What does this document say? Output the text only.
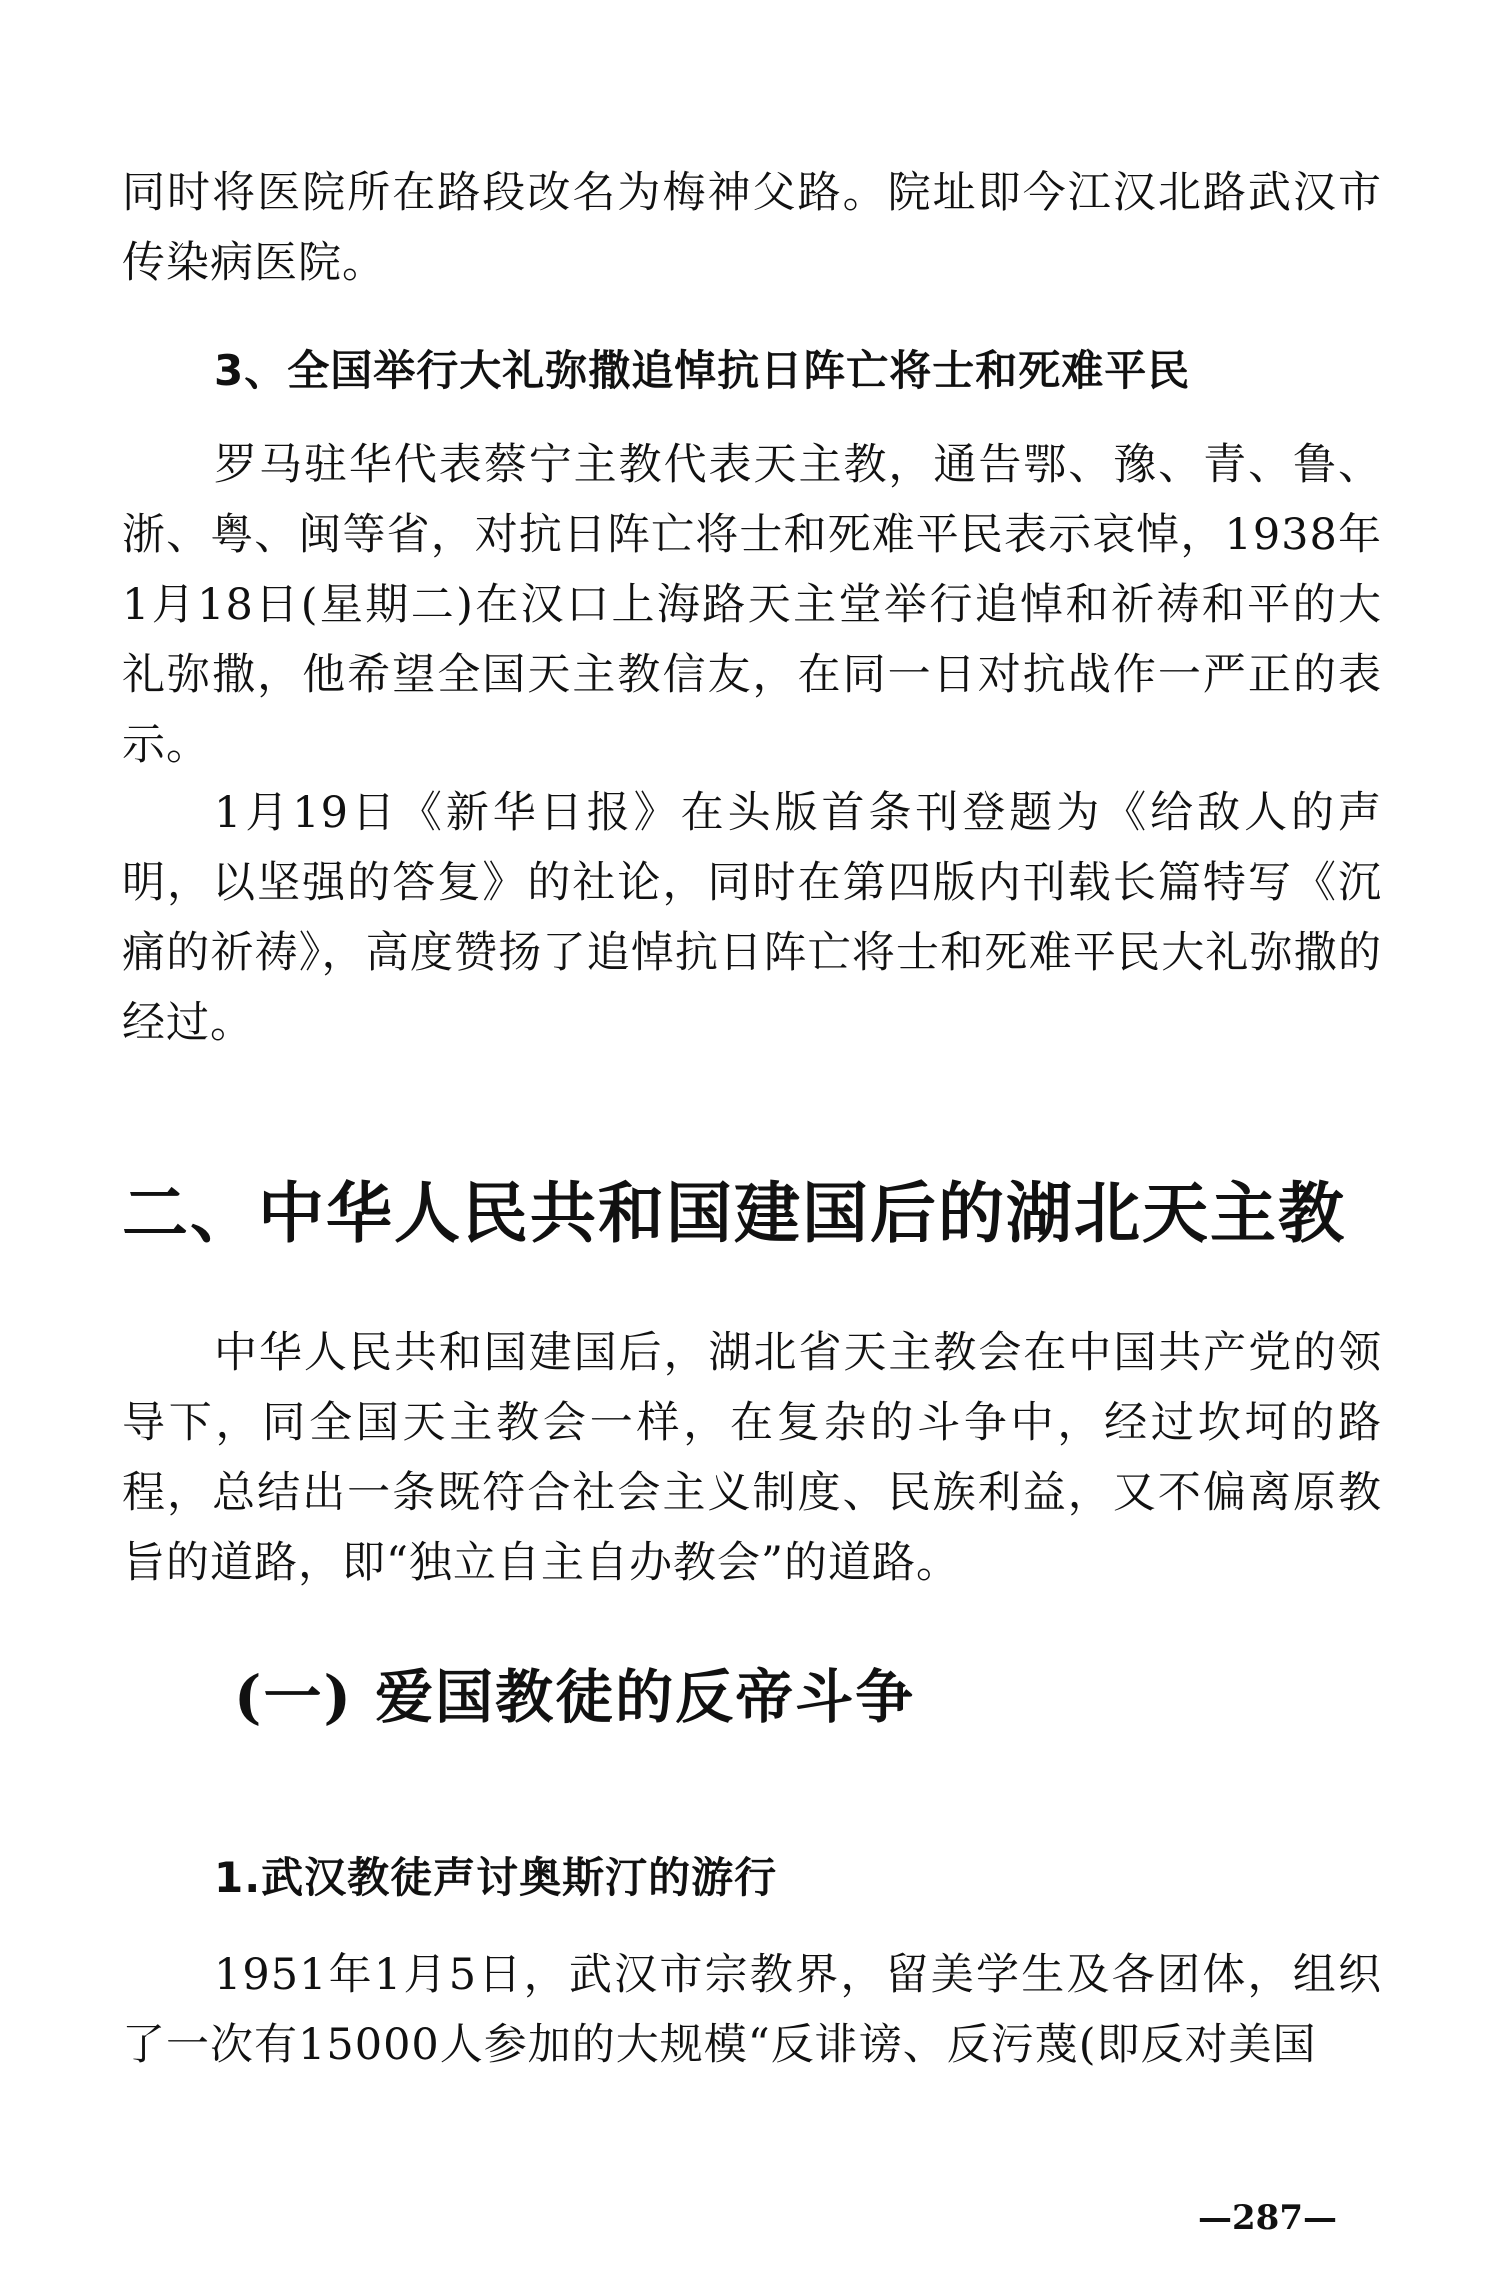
同时将医院所在路段改名为梅神父路。院址即今江汉北路武汉市传染病医院。

3、全国举行大礼弥撒追悼抗日阵亡将士和死难平民

罗马驻华代表蔡宁主教代表天主教，通告鄂、豫、青、鲁、浙、粤、闽等省，对抗日阵亡将士和死难平民表示哀悼，1938年1月18日(星期二)在汉口上海路天主堂举行追悼和祈祷和平的大礼弥撒，他希望全国天主教信友，在同一日对抗战作一严正的表示。

1月19日《新华日报》在头版首条刊登题为《给敌人的声明，以坚强的答复》的社论，同时在第四版内刊载长篇特写《沉痛的祈祷》，高度赞扬了追悼抗日阵亡将士和死难平民大礼弥撒的经过。

二、中华人民共和国建国后的湖北天主教

中华人民共和国建国后，湖北省天主教会在中国共产党的领导下，同全国天主教会一样，在复杂的斗争中，经过坎坷的路程，总结出一条既符合社会主义制度、民族利益，又不偏离原教旨的道路，即“独立自主自办教会”的道路。

(一) 爱国教徒的反帝斗争
1.武汉教徒声讨奥斯汀的游行

1951年1月5日，武汉市宗教界，留美学生及各团体，组织了一次有15000人参加的大规模“反诽谤、反污蔑(即反对美国

—287—
